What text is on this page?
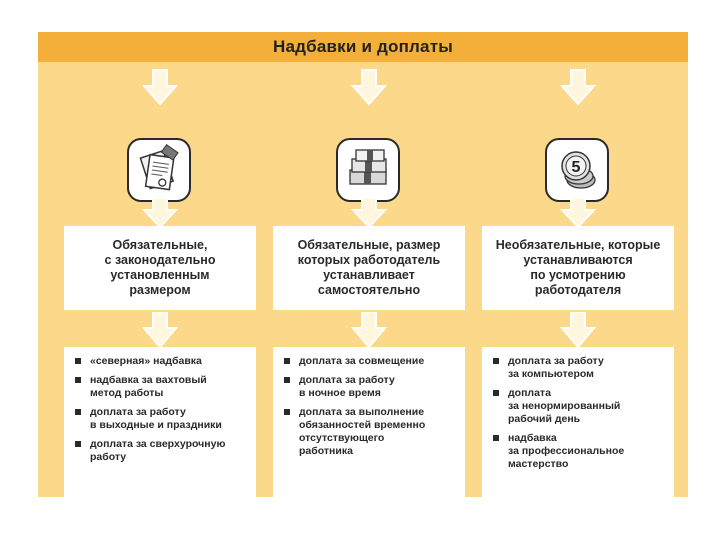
Надбавки и доплаты
Обязательные,
с законодательно
установленным
размером
«северная» надбавка
надбавка за вахтовый
метод работы
доплата за работу
в выходные и праздники
доплата за сверхурочную
работу
Обязательные, размер
которых работодатель
устанавливает
самостоятельно
доплата за совмещение
доплата за работу
в ночное время
доплата за выполнение
обязанностей временно
отсутствующего
работника
5
Необязательные, которые
устанавливаются
по усмотрению
работодателя
доплата за работу
за компьютером
доплата
за ненормированный
рабочий день
надбавка
за профессиональное
мастерство
